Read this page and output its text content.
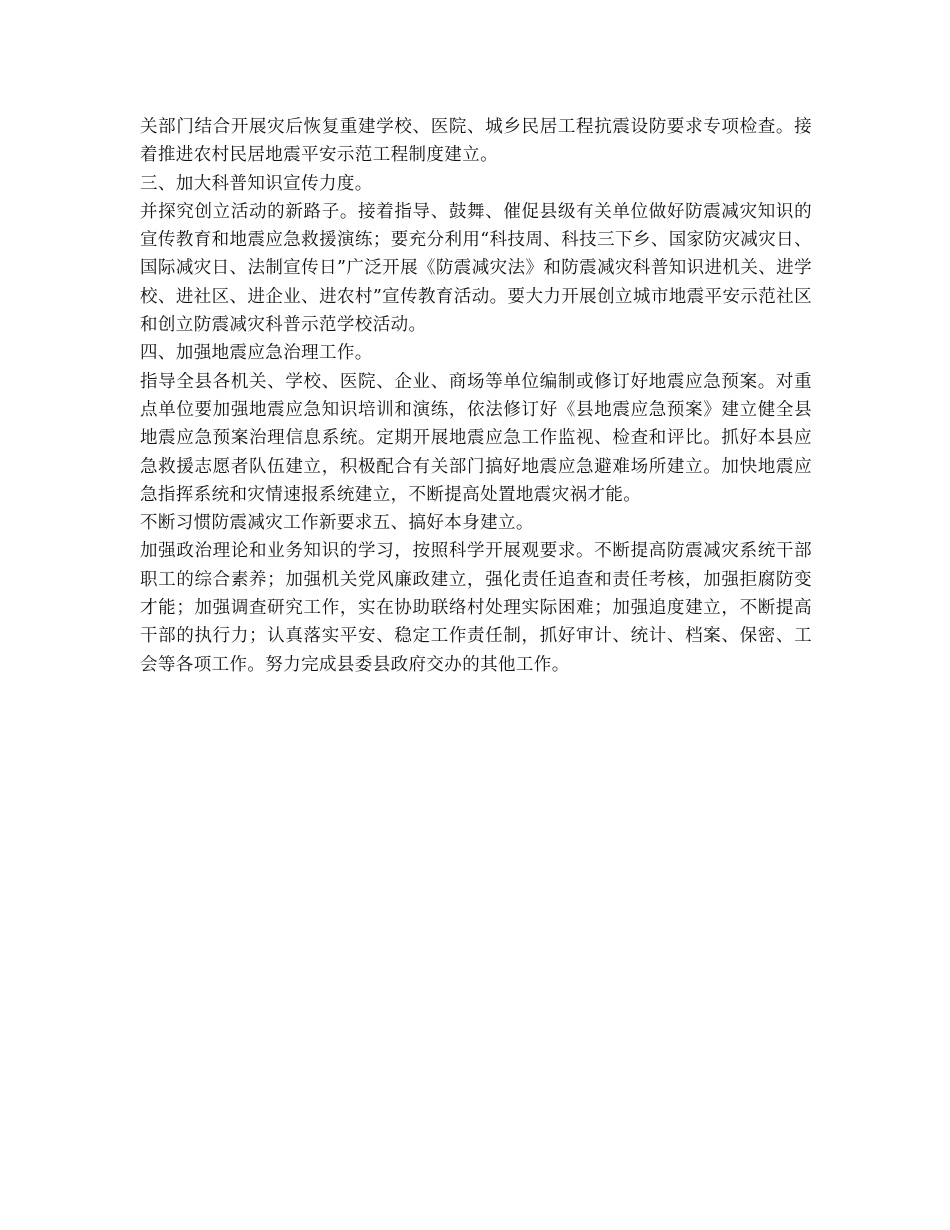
关部门结合开展灾后恢复重建学校、医院、城乡民居工程抗震设防要求专项检查。接着推进农村民居地震平安示范工程制度建立。

三、加大科普知识宣传力度。

并探究创立活动的新路子。接着指导、鼓舞、催促县级有关单位做好防震减灾知识的宣传教育和地震应急救援演练；要充分利用“科技周、科技三下乡、国家防灾减灾日、国际减灾日、法制宣传日”广泛开展《防震减灾法》和防震减灾科普知识进机关、进学校、进社区、进企业、进农村”宣传教育活动。要大力开展创立城市地震平安示范社区和创立防震减灾科普示范学校活动。

四、加强地震应急治理工作。

指导全县各机关、学校、医院、企业、商场等单位编制或修订好地震应急预案。对重点单位要加强地震应急知识培训和演练，依法修订好《县地震应急预案》建立健全县地震应急预案治理信息系统。定期开展地震应急工作监视、检查和评比。抓好本县应急救援志愿者队伍建立，积极配合有关部门搞好地震应急避难场所建立。加快地震应急指挥系统和灾情速报系统建立，不断提高处置地震灾祸才能。

不断习惯防震减灾工作新要求五、搞好本身建立。

加强政治理论和业务知识的学习，按照科学开展观要求。不断提高防震减灾系统干部职工的综合素养；加强机关党风廉政建立，强化责任追查和责任考核，加强拒腐防变才能；加强调查研究工作，实在协助联络村处理实际困难；加强追度建立，不断提高干部的执行力；认真落实平安、稳定工作责任制，抓好审计、统计、档案、保密、工会等各项工作。努力完成县委县政府交办的其他工作。
